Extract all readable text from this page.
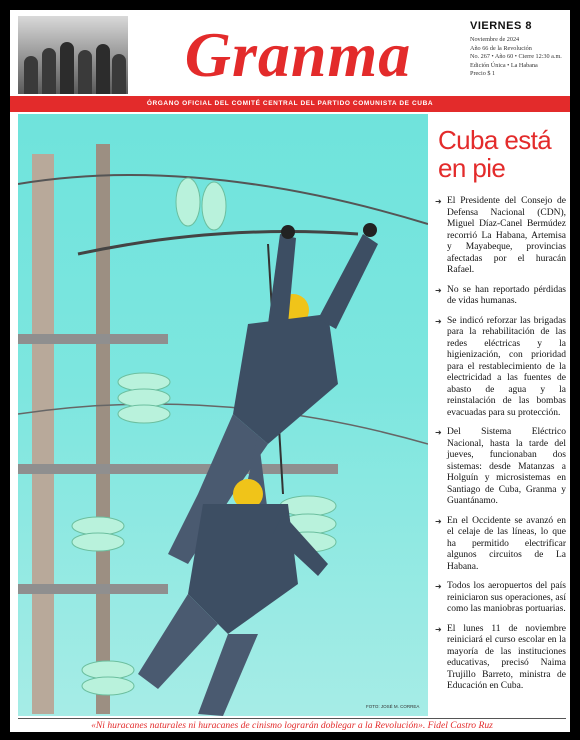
Granma	VIERNES 8
Noviembre de 2024
Año 66 de la Revolución
No. 267 • Año 60 • Cierre 12:30 a.m.
Edición Única • La Habana
Precio $ 1
ÓRGANO OFICIAL DEL COMITÉ CENTRAL DEL PARTIDO COMUNISTA DE CUBA
FOTO: JOSÉ M. CORREA
Cuba está en pie
➜ El Presidente del Consejo de Defensa Nacional (CDN), Miguel Díaz-Canel Bermúdez recorrió La Habana, Artemisa y Mayabeque, provincias afectadas por el huracán Rafael.
➜ No se han reportado pérdidas de vidas humanas.
➜ Se indicó reforzar las brigadas para la rehabilitación de las redes eléctricas y la higienización, con prioridad para el restablecimiento de la electricidad a las fuentes de abasto de agua y la reinstalación de las bombas evacuadas para su protección.
➜ Del Sistema Eléctrico Nacional, hasta la tarde del jueves, funcionaban dos sistemas: desde Matanzas a Holguín y microsistemas en Santiago de Cuba, Granma y Guantánamo.
➜ En el Occidente se avanzó en el celaje de las líneas, lo que ha permitido electrificar algunos circuitos de La Habana.
➜ Todos los aeropuertos del país reiniciaron sus operaciones, así como las maniobras portuarias.
➜ El lunes 11 de noviembre reiniciará el curso escolar en la mayoría de las instituciones educativas, precisó Naima Trujillo Barreto, ministra de Educación en Cuba.
«Ni huracanes naturales ni huracanes de cinismo lograrán doblegar a la Revolución». Fidel Castro Ruz
